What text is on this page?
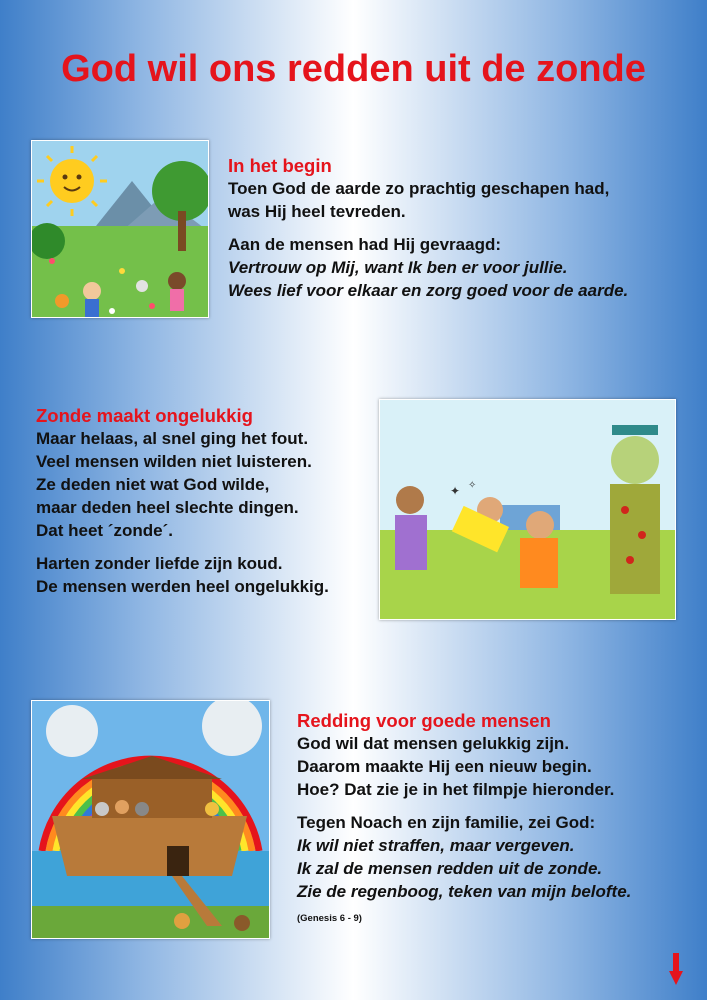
God wil ons redden uit de zonde
In het begin
Toen God de aarde zo prachtig geschapen had,
was Hij heel tevreden.
Aan de mensen had Hij gevraagd:
Vertrouw op Mij, want Ik ben er voor jullie.
Wees lief voor elkaar en zorg goed voor de aarde.
Zonde maakt ongelukkig
Maar helaas, al snel ging het fout.
Veel mensen wilden niet luisteren.
Ze deden niet wat God wilde,
maar deden heel slechte dingen.
Dat heet ´zonde´.
Harten zonder liefde zijn koud.
De mensen werden heel ongelukkig.
✦ ✧
Redding voor goede mensen
God wil dat mensen gelukkig zijn.
Daarom maakte Hij een nieuw begin.
Hoe? Dat zie je in het filmpje hieronder.
Tegen Noach en zijn familie, zei God:
Ik wil niet straffen, maar vergeven.
Ik zal de mensen redden uit de zonde.
Zie de regenboog, teken van mijn belofte.
(Genesis 6 - 9)
